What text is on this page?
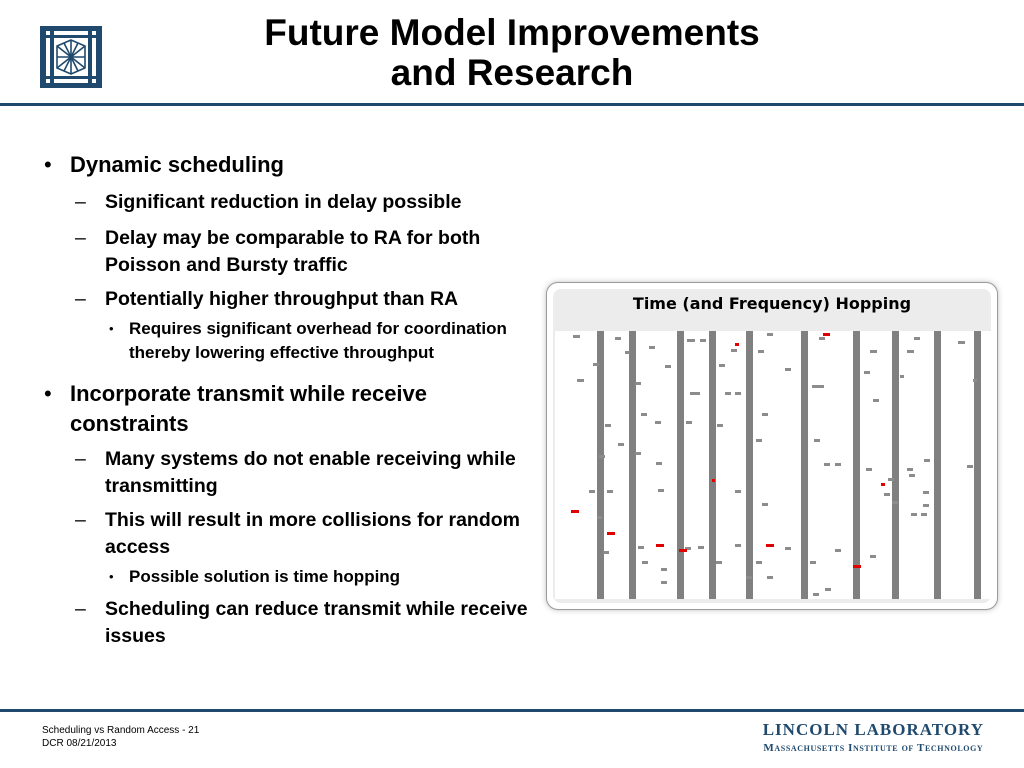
Future Model Improvements
and Research
• Dynamic scheduling
– Significant reduction in delay possible
– Delay may be comparable to RA for both Poisson and Bursty traffic
– Potentially higher throughput than RA
• Requires significant overhead for coordination thereby lowering effective throughput
• Incorporate transmit while receive constraints
– Many systems do not enable receiving while transmitting
– This will result in more collisions for random access
• Possible solution is time hopping
– Scheduling can reduce transmit while receive issues
Time (and Frequency) Hopping
Scheduling vs Random Access - 21
DCR 08/21/2013
LINCOLN LABORATORY
Massachusetts Institute of Technology
